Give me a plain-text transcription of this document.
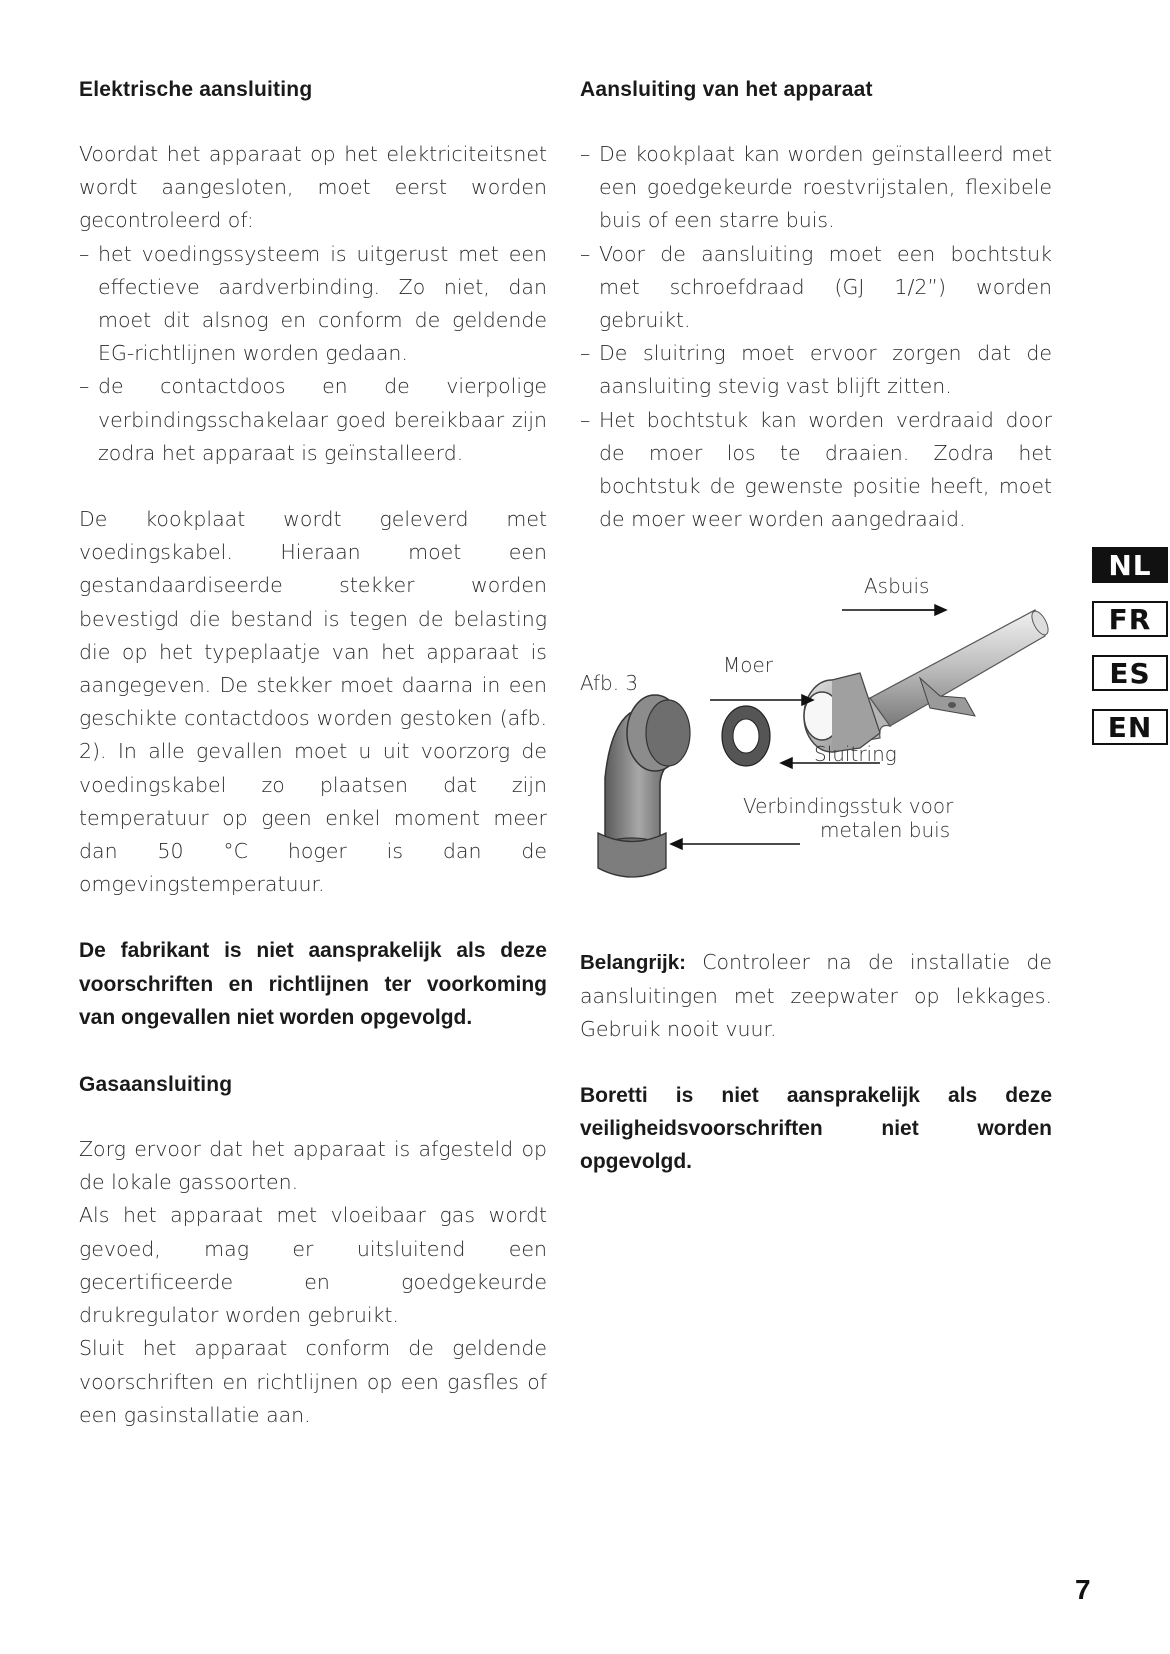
Elektrische aansluiting

Voordat het apparaat op het elektriciteitsnet wordt aangesloten, moet eerst worden gecontroleerd of:

– het voedingssysteem is uitgerust met een effectieve aardverbinding. Zo niet, dan moet dit alsnog en conform de geldende EG-richtlijnen worden gedaan.
– de contactdoos en de vierpolige verbindingsschakelaar goed bereikbaar zijn zodra het apparaat is geïnstalleerd.

De kookplaat wordt geleverd met voedingskabel. Hieraan moet een gestandaardiseerde stekker worden bevestigd die bestand is tegen de belasting die op het typeplaatje van het apparaat is aangegeven. De stekker moet daarna in een geschikte contactdoos worden gestoken (afb. 2). In alle gevallen moet u uit voorzorg de voedingskabel zo plaatsen dat zijn temperatuur op geen enkel moment meer dan 50 °C hoger is dan de omgevingstemperatuur.

De fabrikant is niet aansprakelijk als deze voorschriften en richtlijnen ter voorkoming van ongevallen niet worden opgevolgd.

Gasaansluiting

Zorg ervoor dat het apparaat is afgesteld op de lokale gassoorten.

Als het apparaat met vloeibaar gas wordt gevoed, mag er uitsluitend een gecertificeerde en goedgekeurde drukregulator worden gebruikt.

Sluit het apparaat conform de geldende voorschriften en richtlijnen op een gasfles of een gasinstallatie aan.

Aansluiting van het apparaat
– De kookplaat kan worden geïnstalleerd met een goedgekeurde roestvrijstalen, flexibele buis of een starre buis.
– Voor de aansluiting moet een bochtstuk met schroefdraad (GJ 1/2”) worden gebruikt.
– De sluitring moet ervoor zorgen dat de aansluiting stevig vast blijft zitten.
– Het bochtstuk kan worden verdraaid door de moer los te draaien. Zodra het bochtstuk de gewenste positie heeft, moet de moer weer worden aangedraaid.
Afb. 3
Asbuis
Moer
Sluitring
Verbindingsstuk voor
metalen buis

Belangrijk: Controleer na de installatie de aansluitingen met zeepwater op lekkages. Gebruik nooit vuur.

Boretti is niet aansprakelijk als deze veiligheidsvoorschriften niet worden opgevolgd.

NL
FR
ES
EN
7
